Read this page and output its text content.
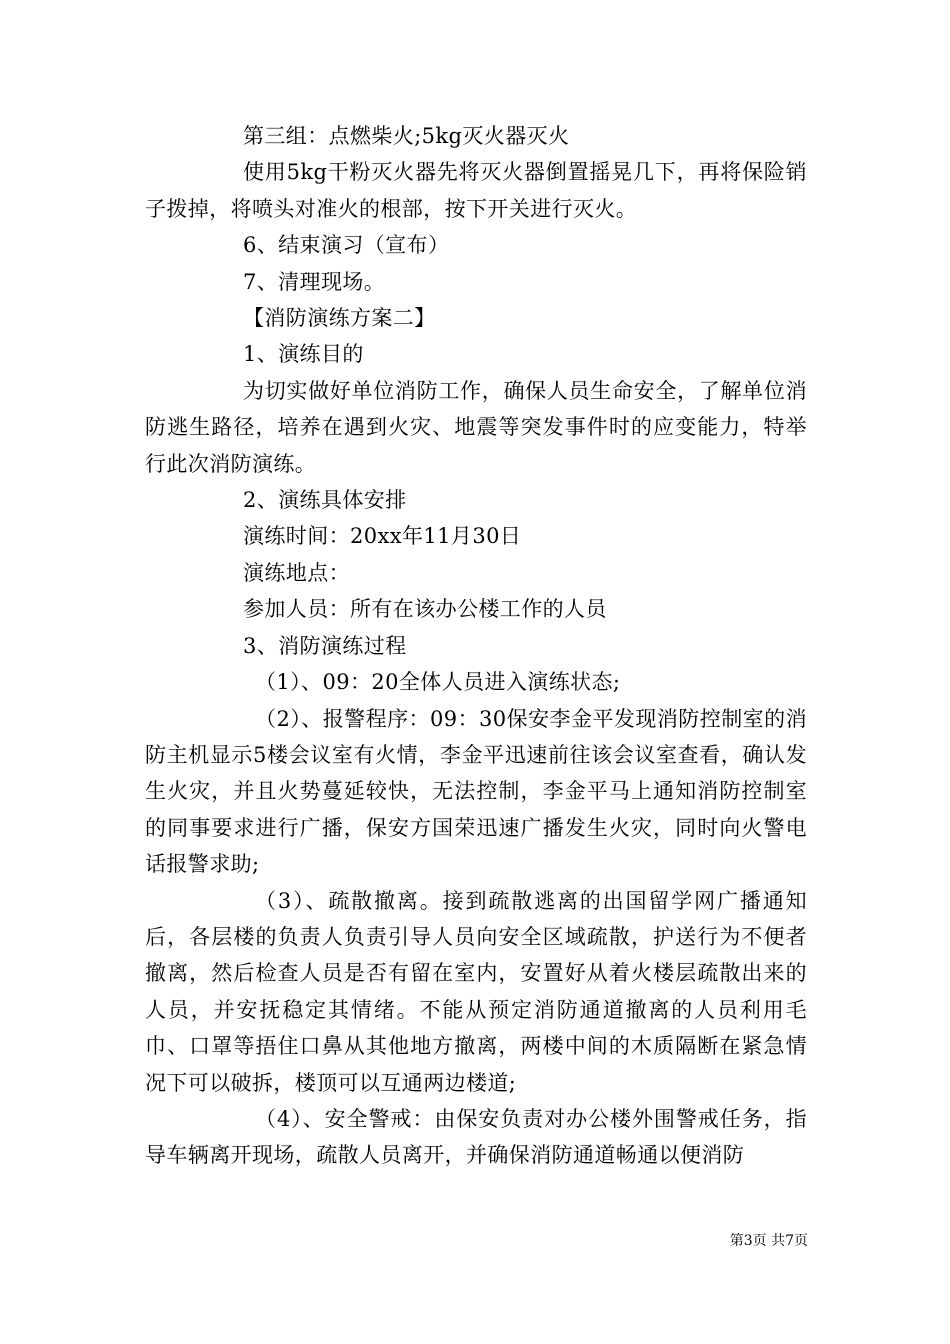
第三组：点燃柴火;5kg灭火器灭火

使用5kg干粉灭火器先将灭火器倒置摇晃几下，再将保险销子拨掉，将喷头对准火的根部，按下开关进行灭火。

6、结束演习（宣布）

7、清理现场。

【消防演练方案二】

1、演练目的

为切实做好单位消防工作，确保人员生命安全，了解单位消防逃生路径，培养在遇到火灾、地震等突发事件时的应变能力，特举行此次消防演练。

2、演练具体安排

演练时间：20xx年11月30日

演练地点：

参加人员：所有在该办公楼工作的人员

3、消防演练过程

（1）、09：20全体人员进入演练状态;

（2）、报警程序：09：30保安李金平发现消防控制室的消防主机显示5楼会议室有火情，李金平迅速前往该会议室查看，确认发生火灾，并且火势蔓延较快，无法控制，李金平马上通知消防控制室的同事要求进行广播，保安方国荣迅速广播发生火灾，同时向火警电话报警求助;

（3）、疏散撤离。接到疏散逃离的出国留学网广播通知后，各层楼的负责人负责引导人员向安全区域疏散，护送行为不便者撤离，然后检查人员是否有留在室内，安置好从着火楼层疏散出来的人员，并安抚稳定其情绪。不能从预定消防通道撤离的人员利用毛巾、口罩等捂住口鼻从其他地方撤离，两楼中间的木质隔断在紧急情况下可以破拆，楼顶可以互通两边楼道;

（4）、安全警戒：由保安负责对办公楼外围警戒任务，指导车辆离开现场，疏散人员离开，并确保消防通道畅通以便消防

第3页 共7页
